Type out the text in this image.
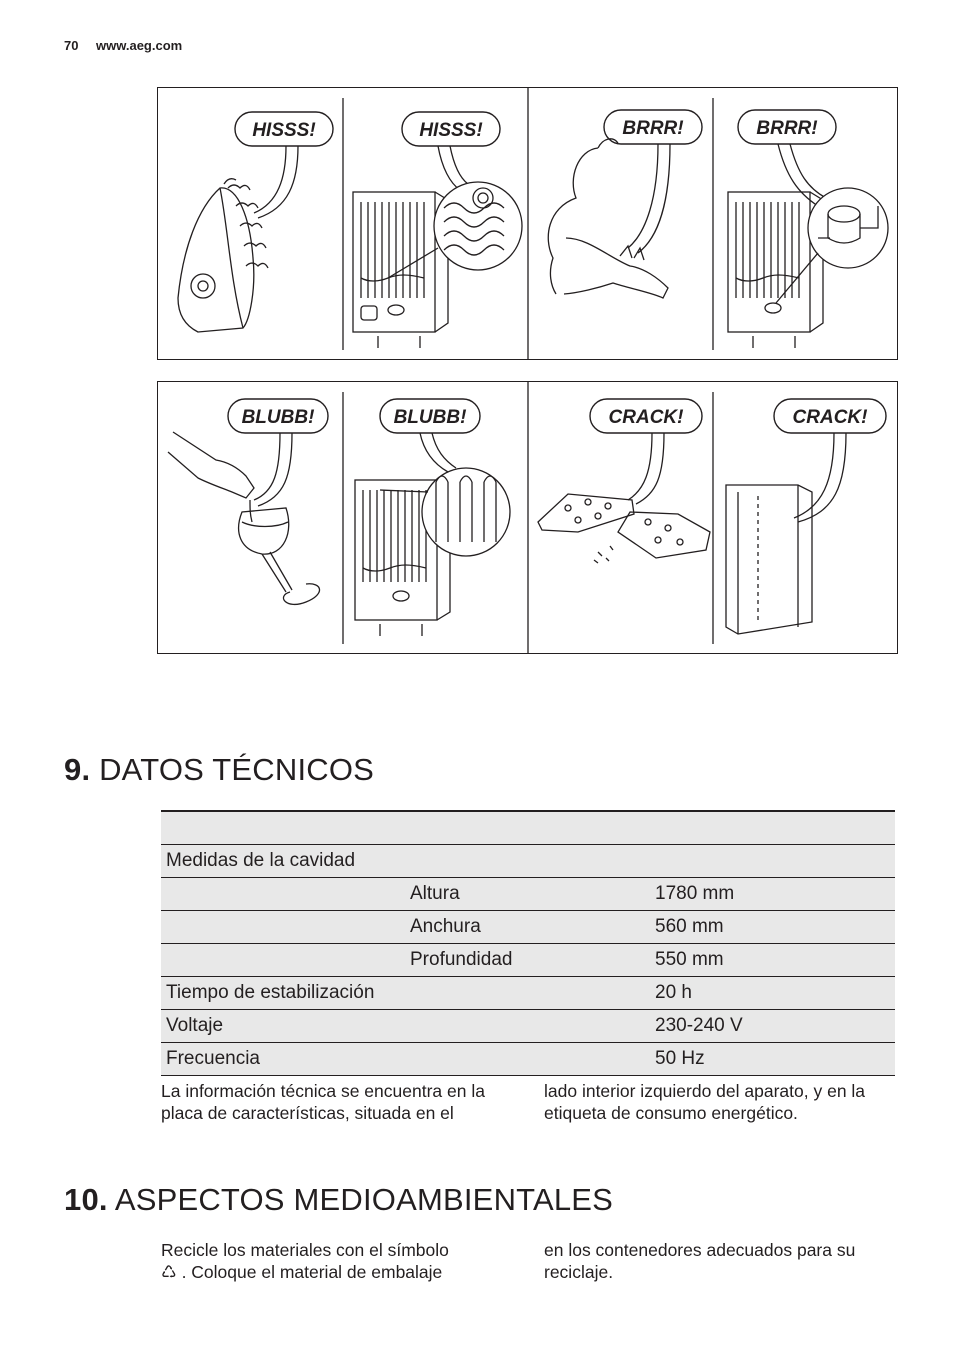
70 www.aeg.com
HISSS!	HISSS!	BRRR!	BRRR!
BLUBB!	BLUBB!	CRACK!	CRACK!
9. DATOS TÉCNICOS
Medidas de la cavidad
Altura	1780 mm
Anchura	560 mm
Profundidad	550 mm
Tiempo de estabilización	20 h
Voltaje	230-240 V
Frecuencia	50 Hz
La información técnica se encuentra en la placa de características, situada en el
lado interior izquierdo del aparato, y en la etiqueta de consumo energético.
10. ASPECTOS MEDIOAMBIENTALES
Recicle los materiales con el símbolo
♺ . Coloque el material de embalaje
en los contenedores adecuados para su reciclaje.
